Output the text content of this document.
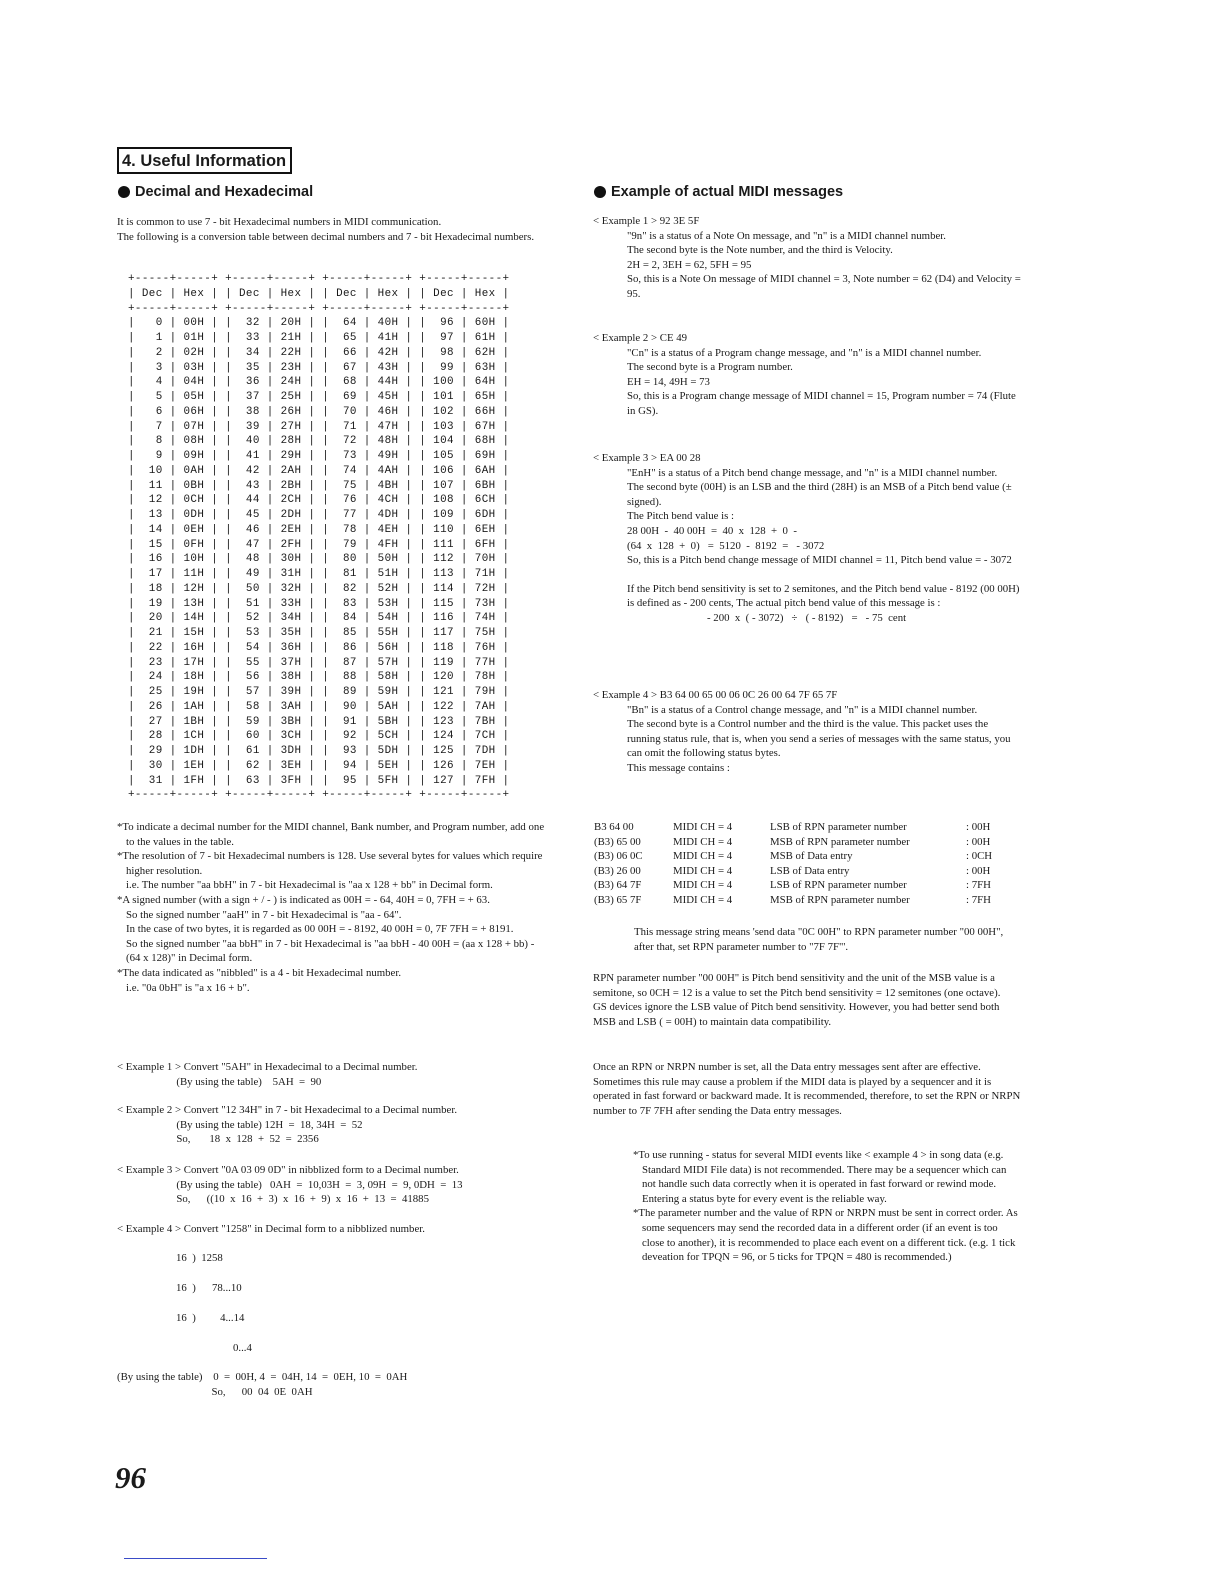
4. Useful Information
Decimal and Hexadecimal

It is common to use 7 - bit Hexadecimal numbers in MIDI communication.

The following is a conversion table between decimal numbers and 7 - bit Hexadecimal numbers.

+-----+-----+ +-----+-----+ +-----+-----+ +-----+-----+
| Dec | Hex | | Dec | Hex | | Dec | Hex | | Dec | Hex |
+-----+-----+ +-----+-----+ +-----+-----+ +-----+-----+
|   0 | 00H | |  32 | 20H | |  64 | 40H | |  96 | 60H |
|   1 | 01H | |  33 | 21H | |  65 | 41H | |  97 | 61H |
|   2 | 02H | |  34 | 22H | |  66 | 42H | |  98 | 62H |
|   3 | 03H | |  35 | 23H | |  67 | 43H | |  99 | 63H |
|   4 | 04H | |  36 | 24H | |  68 | 44H | | 100 | 64H |
|   5 | 05H | |  37 | 25H | |  69 | 45H | | 101 | 65H |
|   6 | 06H | |  38 | 26H | |  70 | 46H | | 102 | 66H |
|   7 | 07H | |  39 | 27H | |  71 | 47H | | 103 | 67H |
|   8 | 08H | |  40 | 28H | |  72 | 48H | | 104 | 68H |
|   9 | 09H | |  41 | 29H | |  73 | 49H | | 105 | 69H |
|  10 | 0AH | |  42 | 2AH | |  74 | 4AH | | 106 | 6AH |
|  11 | 0BH | |  43 | 2BH | |  75 | 4BH | | 107 | 6BH |
|  12 | 0CH | |  44 | 2CH | |  76 | 4CH | | 108 | 6CH |
|  13 | 0DH | |  45 | 2DH | |  77 | 4DH | | 109 | 6DH |
|  14 | 0EH | |  46 | 2EH | |  78 | 4EH | | 110 | 6EH |
|  15 | 0FH | |  47 | 2FH | |  79 | 4FH | | 111 | 6FH |
|  16 | 10H | |  48 | 30H | |  80 | 50H | | 112 | 70H |
|  17 | 11H | |  49 | 31H | |  81 | 51H | | 113 | 71H |
|  18 | 12H | |  50 | 32H | |  82 | 52H | | 114 | 72H |
|  19 | 13H | |  51 | 33H | |  83 | 53H | | 115 | 73H |
|  20 | 14H | |  52 | 34H | |  84 | 54H | | 116 | 74H |
|  21 | 15H | |  53 | 35H | |  85 | 55H | | 117 | 75H |
|  22 | 16H | |  54 | 36H | |  86 | 56H | | 118 | 76H |
|  23 | 17H | |  55 | 37H | |  87 | 57H | | 119 | 77H |
|  24 | 18H | |  56 | 38H | |  88 | 58H | | 120 | 78H |
|  25 | 19H | |  57 | 39H | |  89 | 59H | | 121 | 79H |
|  26 | 1AH | |  58 | 3AH | |  90 | 5AH | | 122 | 7AH |
|  27 | 1BH | |  59 | 3BH | |  91 | 5BH | | 123 | 7BH |
|  28 | 1CH | |  60 | 3CH | |  92 | 5CH | | 124 | 7CH |
|  29 | 1DH | |  61 | 3DH | |  93 | 5DH | | 125 | 7DH |
|  30 | 1EH | |  62 | 3EH | |  94 | 5EH | | 126 | 7EH |
|  31 | 1FH | |  63 | 3FH | |  95 | 5FH | | 127 | 7FH |
+-----+-----+ +-----+-----+ +-----+-----+ +-----+-----+

*To indicate a decimal number for the MIDI channel, Bank number, and Program number, add one to the values in the table.

*The resolution of 7 - bit Hexadecimal numbers is 128. Use several bytes for values which require higher resolution.

i.e. The number "aa bbH" in 7 - bit Hexadecimal is "aa x 128 + bb" in Decimal form.

*A signed number (with a sign + / - ) is indicated as 00H = - 64, 40H = 0, 7FH = + 63.

So the signed number "aaH" in 7 - bit Hexadecimal is "aa - 64".

In the case of two bytes, it is regarded as 00 00H = - 8192, 40 00H = 0, 7F 7FH = + 8191.

So the signed number "aa bbH" in 7 - bit Hexadecimal is "aa bbH - 40 00H = (aa x 128 + bb) - (64 x 128)" in Decimal form.

*The data indicated as "nibbled" is a 4 - bit Hexadecimal number.

i.e. "0a 0bH" is "a x 16 + b".

< Example 1 > Convert "5AH" in Hexadecimal to a Decimal number.

(By using the table)    5AH  =  90

< Example 2 > Convert "12 34H" in 7 - bit Hexadecimal to a Decimal number.

(By using the table) 12H  =  18, 34H  =  52

So,       18  x  128  +  52  =  2356

< Example 3 > Convert "0A 03 09 0D" in nibblized form to a Decimal number.

(By using the table)   0AH  =  10,03H  =  3, 09H  =  9, 0DH  =  13

So,      ((10  x  16  +  3)  x  16  +  9)  x  16  +  13  =  41885

< Example 4 > Convert "1258" in Decimal form to a nibblized number.

16  )  1258
16  )      78...10
16  )         4...14
0...4

(By using the table)    0  =  00H, 4  =  04H, 14  =  0EH, 10  =  0AH

So,      00  04  0E  0AH

Example of actual MIDI messages

< Example 1 > 92 3E 5F

"9n" is a status of a Note On message, and "n" is a MIDI channel number.

The second byte is the Note number, and the third is Velocity.

2H = 2, 3EH = 62, 5FH = 95

So, this is a Note On message of MIDI channel = 3, Note number = 62 (D4) and Velocity = 95.

< Example 2 > CE 49

"Cn" is a status of a Program change message, and "n" is a MIDI channel number.

The second byte is a Program number.

EH = 14, 49H = 73

So, this is a Program change message of MIDI channel = 15, Program number = 74 (Flute in GS).

< Example 3 > EA 00 28

"EnH" is a status of a Pitch bend change message, and "n" is a MIDI channel number.

The second byte (00H) is an LSB and the third (28H) is an MSB of a Pitch bend value (± signed).

The Pitch bend value is :

28 00H  -  40 00H  =  40  x  128  +  0  -

(64  x  128  +  0)   =  5120  -  8192  =   - 3072

So, this is a Pitch bend change message of MIDI channel = 11, Pitch bend value = - 3072

If the Pitch bend sensitivity is set to 2 semitones, and the Pitch bend value - 8192 (00 00H) is defined as - 200 cents, The actual pitch bend value of this message is :

- 200  x  ( - 3072)   ÷   ( - 8192)   =   - 75  cent

< Example 4 > B3 64 00 65 00 06 0C 26 00 64 7F 65 7F

"Bn" is a status of a Control change message, and "n" is a MIDI channel number.

The second byte is a Control number and the third is the value. This packet uses the running status rule, that is, when you send a series of messages with the same status, you can omit the following status bytes.

This message contains :

B3 64 00	MIDI CH = 4	LSB of RPN parameter number	: 00H
(B3) 65 00	MIDI CH = 4	MSB of RPN parameter number	: 00H
(B3) 06 0C	MIDI CH = 4	MSB of Data entry	: 0CH
(B3) 26 00	MIDI CH = 4	LSB of Data entry	: 00H
(B3) 64 7F	MIDI CH = 4	LSB of RPN parameter number	: 7FH
(B3) 65 7F	MIDI CH = 4	MSB of RPN parameter number	: 7FH
This message string means 'send data "0C 00H" to RPN parameter number "00 00H", after that, set RPN parameter number to "7F 7F"'.

RPN parameter number "00 00H" is Pitch bend sensitivity and the unit of the MSB value is a semitone, so 0CH = 12 is a value to set the Pitch bend sensitivity = 12 semitones (one octave).

GS devices ignore the LSB value of Pitch bend sensitivity. However, you had better send both MSB and LSB ( = 00H) to maintain data compatibility.

Once an RPN or NRPN number is set, all the Data entry messages sent after are effective.

Sometimes this rule may cause a problem if the MIDI data is played by a sequencer and it is operated in fast forward or backward made. It is recommended, therefore, to set the RPN or NRPN number to 7F 7FH after sending the Data entry messages.

*To use running - status for several MIDI events like < example 4 > in song data (e.g. Standard MIDI File data) is not recommended. There may be a sequencer which can not handle such data correctly when it is operated in fast forward or rewind mode. Entering a status byte for every event is the reliable way.

*The parameter number and the value of RPN or NRPN must be sent in correct order. As some sequencers may send the recorded data in a different order (if an event is too close to another), it is recommended to place each event on a different tick. (e.g. 1 tick deveation for TPQN = 96, or 5 ticks for TPQN = 480 is recommended.)

96
